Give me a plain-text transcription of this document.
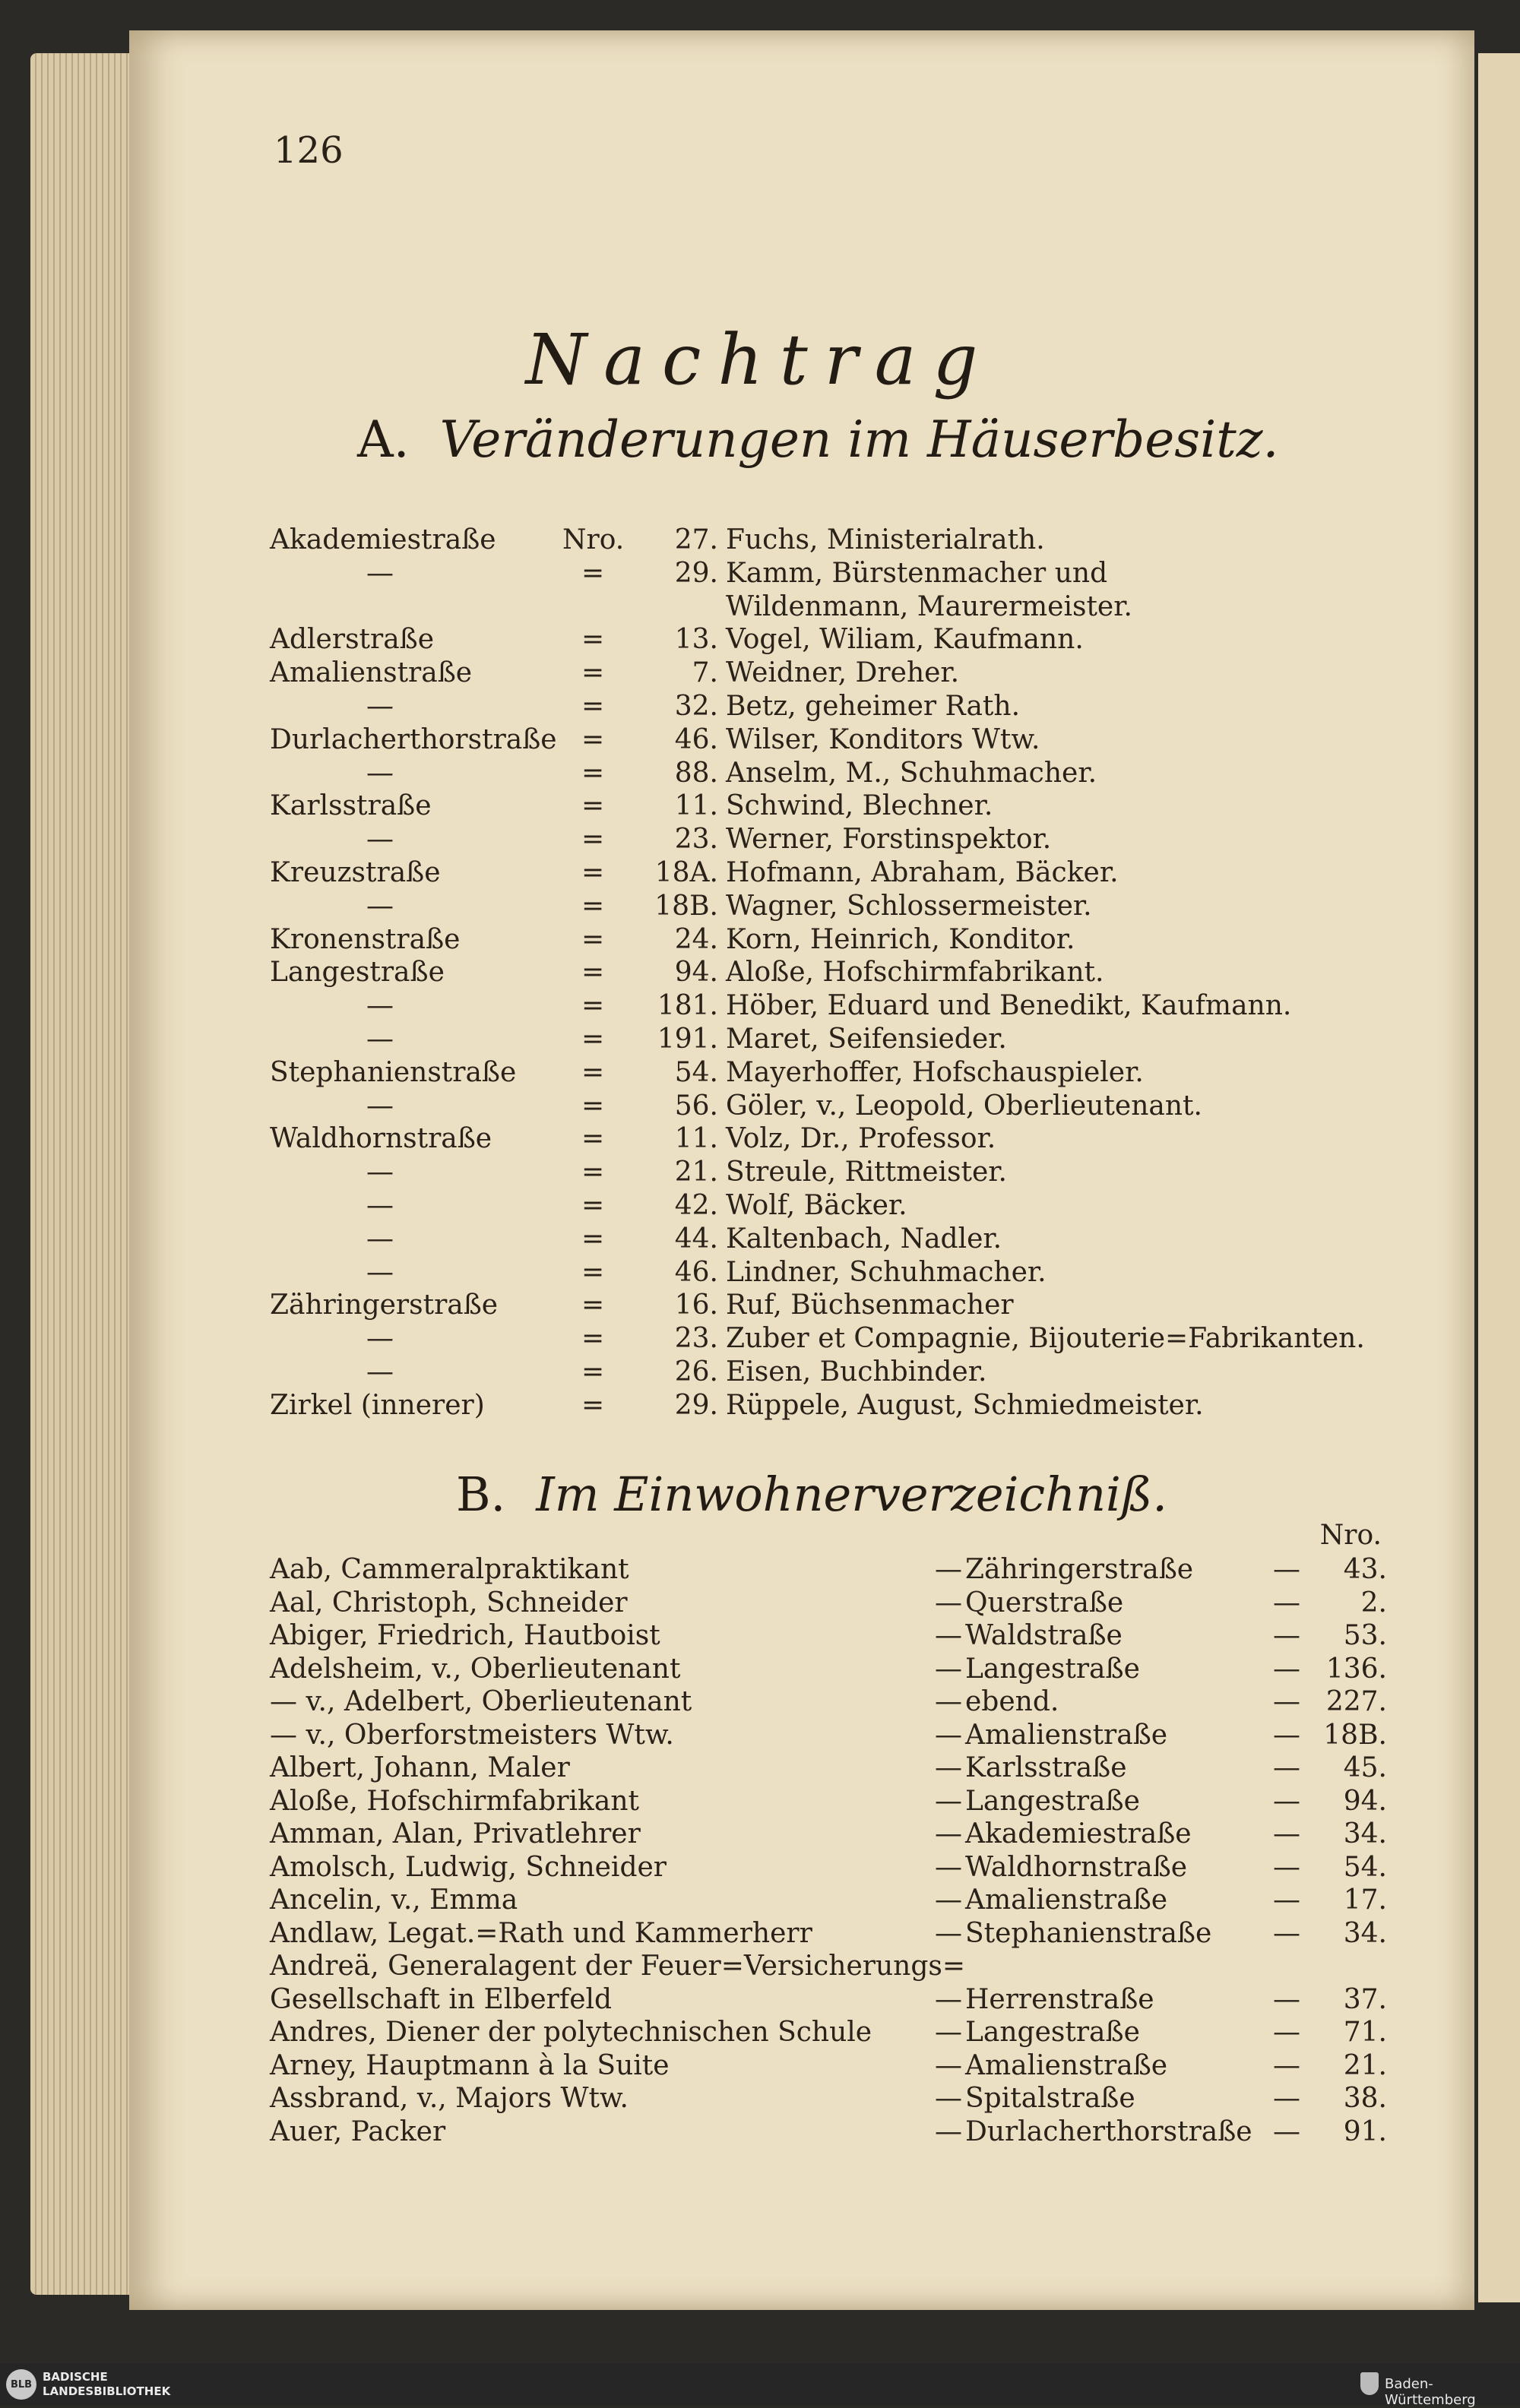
126
Nachtrag
A. Veränderungen im Häuserbesitz.
Akademiestraße Nro.	27. Fuchs, Ministerialrath.
—	=	29. Kamm, Bürstenmacher und
Wildenmann, Maurermeister.
Adlerstraße	=	13. Vogel, Wiliam, Kaufmann.
Amalienstraße	=	7. Weidner, Dreher.
—	=	32. Betz, geheimer Rath.
Durlacherthorstraße =	46. Wilser, Konditors Wtw.
—	=	88. Anselm, M., Schuhmacher.
Karlsstraße	=	11. Schwind, Blechner.
—	=	23. Werner, Forstinspektor.
Kreuzstraße	=	18A. Hofmann, Abraham, Bäcker.
—	=	18B. Wagner, Schlossermeister.
Kronenstraße	=	24. Korn, Heinrich, Konditor.
Langestraße	=	94. Aloße, Hofschirmfabrikant.
—	=	181. Höber, Eduard und Benedikt, Kaufmann.
—	=	191. Maret, Seifensieder.
Stephanienstraße =	54. Mayerhoffer, Hofschauspieler.
—	=	56. Göler, v., Leopold, Oberlieutenant.
Waldhornstraße	=	11. Volz, Dr., Professor.
—	=	21. Streule, Rittmeister.
—	=	42. Wolf, Bäcker.
—	=	44. Kaltenbach, Nadler.
—	=	46. Lindner, Schuhmacher.
Zähringerstraße	=	16. Ruf, Büchsenmacher
—	=	23. Zuber et Compagnie, Bijouterie=Fabrikanten.
—	=	26. Eisen, Buchbinder.
Zirkel (innerer)	=	29. Rüppele, August, Schmiedmeister.
B. Im Einwohnerverzeichniß.
Nro.
Aab, Cammeralpraktikant	— Zähringerstraße	—	43.
Aal, Christoph, Schneider	— Querstraße	—	2.
Abiger, Friedrich, Hautboist	— Waldstraße	—	53.
Adelsheim, v., Oberlieutenant	— Langestraße	— 136.
— v., Adelbert, Oberlieutenant	— ebend.	— 227.
— v., Oberforstmeisters Wtw.	— Amalienstraße	— 18B.
Albert, Johann, Maler	— Karlsstraße	—	45.
Aloße, Hofschirmfabrikant	— Langestraße	—	94.
Amman, Alan, Privatlehrer	— Akademiestraße	—	34.
Amolsch, Ludwig, Schneider	— Waldhornstraße	—	54.
Ancelin, v., Emma	— Amalienstraße	—	17.
Andlaw, Legat.=Rath und Kammerherr	— Stephanienstraße —	34.
Andreä, Generalagent der Feuer=Versicherungs=
Gesellschaft in Elberfeld	— Herrenstraße	—	37.
Andres, Diener der polytechnischen Schule — Langestraße	—	71.
Arney, Hauptmann à la Suite	— Amalienstraße	—	21.
Assbrand, v., Majors Wtw.	— Spitalstraße	—	38.
Auer, Packer	— Durlacherthorstraße —	91.
BLB
BADISCHE
LANDESBIBLIOTHEK	Baden-Württemberg
